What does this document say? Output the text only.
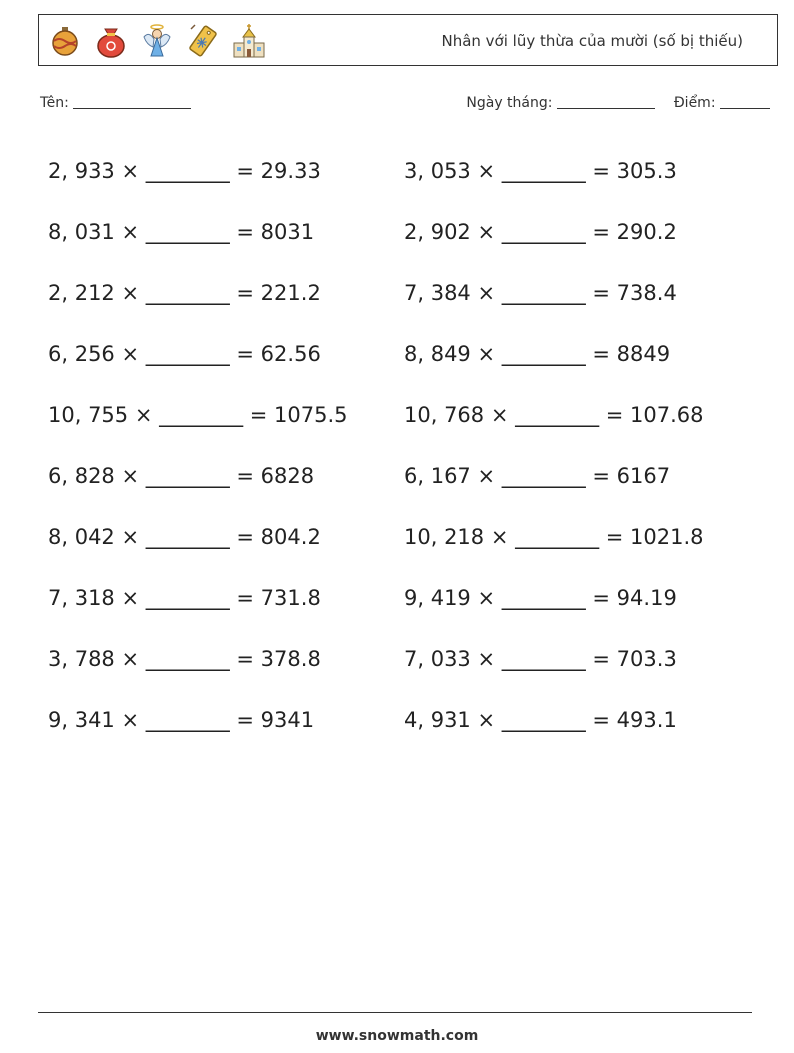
Nhân với lũy thừa của mười (số bị thiếu)
Tên:	Ngày tháng:	Điểm:
2, 933 × ________ = 29.33	3, 053 × ________ = 305.3
8, 031 × ________ = 8031	2, 902 × ________ = 290.2
2, 212 × ________ = 221.2	7, 384 × ________ = 738.4
6, 256 × ________ = 62.56	8, 849 × ________ = 8849
10, 755 × ________ = 1075.5	10, 768 × ________ = 107.68
6, 828 × ________ = 6828	6, 167 × ________ = 6167
8, 042 × ________ = 804.2	10, 218 × ________ = 1021.8
7, 318 × ________ = 731.8	9, 419 × ________ = 94.19
3, 788 × ________ = 378.8	7, 033 × ________ = 703.3
9, 341 × ________ = 9341	4, 931 × ________ = 493.1
www.snowmath.com
